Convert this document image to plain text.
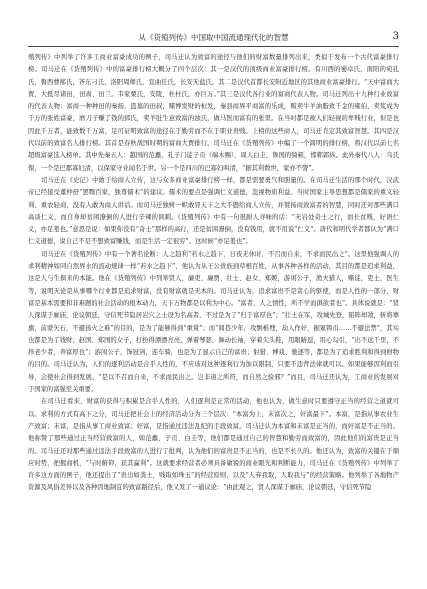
从《货殖列传》中国取中国流通现代化的智慧	3

殖列传》中列举了许多工商业富豪成功的例子，司马迁认为致富的途径与他们的财富数量排列出来，类似于发布一个古代富豪排行榜。司马迁在《货殖列传》中的富豪排行榜大概分了四个层次：其一是汉代的顶级商业富豪排行榜。有川西的蜀卓氏，南阳的宛孔氏，鲁西曹邴氏，齐东刁氏，洛阳周师氏，宣曲任氏，长安无盐氏。其二是汉代首都长安附近地区的其他商业富豪排行。“天中富商大贾，大抵尽诸田，田啬、田兰。韦家栗氏，安陵、杜杜氏，亦巨万。”其三是汉代各行业的富商代表人物。司马迁列出十九种行业致富的代表人物：富商一种种田的秦扬，盗墓的田叔，赌博发财的桓发，秦县商界平商富的乐成，贩卖牛羊油脂致千金的雍伯，卖浆成为千万的张姓富豪，磨刀子赚了钱的郅氏，卖羊肚生意致富的浊氏，做马医而富有的张里。在当时都是被人们轻视的卑贱行业，但是也因此千万者，能致数千万富，足可证明致富的途径在于勤劳而不在于职业贵贱。上榜的这些商人，司马迁肯定其致富智慧。其四是汉代以前的致富名人排行榜。其首是春秋战国时期的富商大贾排行。司马迁在《货殖列传》中编了一个简明的排行榜，将汉代以前七名超级富豪选入榜单。其中先秦五人：越国的范蠡，孔子门徒子贡（端木赐），周人白圭，鲁国的猗顿，邯郸郭纵。此外秦代八人：乌氏倮，一个是巴郡寡妇清，以保家守业闻名于世。另一个是四川的巴寡妇叫清，“据其利数世，家亦不訾”。

司马迁在《史记》中敢于给商人立传，这与众多商业富豪排行榜一样，都是需要勇气和胆量的。在司马迁生活的那个时代，汉武帝已经接受董仲舒“罢黜百家，独尊儒术”的建议。儒术的要点是强调仁义道德，忽视物质利益。当时国家主导思想都是儒家的重义轻利、重农轻商，没有人敢为商人讲话。而司马迁独树一帜敢冒天下之大不韪给商人立传，并赞扬商致富者的智慧，同时还对那些满口高谈仁义，而自身却贫困潦倒的人进行辛辣的讽刺。《货殖列传》中有一句很耐人寻味的话：“无岩处奇士之行，而长贫贱，好语仁义，亦足羞也。”意思是说：如果你没有“奇士”那样的高行，还是贫困潦倒，没有钱用，就不用说“仁义”。唐代和明代学者都认为“满口仁义道德，说自己不是不想致富赚钱，而是生活一定很穷”。这时候“亦足羞也”。

司马迁在《货殖列传》中有一个著名论断：人之趋利“若水之趋下，日夜无休时，不召而自来，不求而民出之”。这里他强调人的求利精神如同自然界水的流动规律一样“若水之趋下”，他认为从王公贵族到草根百姓，从事各种各样的活动，其目的都是追求利益，这是人与生俱来的本能。他在《货殖列传》中列举贤人、廉吏、廉贾、壮士、赵女、郑姬，游闲公子，渔夫猎人，赌徒，吏士，医生等，说明无论是从事哪个行业都是追求财富，没有财富就是无本的。司马迁认为，追求富贵不是贪心的驱使，而是人性的一部分，财富是基本需要和非难题的社会活动的根本动力，天下万物都是以利为中心。“富者，人之情性，所不学而俱欲者也”。具体说就是：“贤人深谋于廊庙，论议朝廷，守信死节隐居岩穴之士设为名高者，不过是为了“归于富厚也”；“壮士在军，攻城先登，陷阵却敌，斩将搴旗，前蒙矢石，不避汤火之难”的目的，是为了能够得到“重赏”；而“闾巷少年，攻剽椎埋，劫人作奸，掘冢铸币……不避法禁”，其实也都是为了钱财；赵国、郑国的女子，打扮得漂漂亮亮，弹着琴瑟，舞动长袖，穿着尖头鞋，用眼睛逗，用心勾引，“出不远千里，不择老少者，奔富厚也”；游闲公子，饰冠剑，连车骑，也是为了显示自己的富贵；射猎、博戏、驰逐等，都是为了追求胜利和得到财物的目的。司马迁认为，人们的逐利活动是合乎人性的，不应该对这种逐利行为加以限制，只要不违背法律就可以。如果能够因利而引导，会使社会得到发展。“是以不召而自来，不求而民出之。岂非道之所符，而自然之验邪？”而且，司马迁还认为，工商业的发展对于国家的富强至关重要。

在司马迁看来，财富的获得与积累是合乎人性的，人们逐利是正常的活动，他也认为，做生意时只要遵守正当的经营之道就可以。求利的方式有高下之分，司马迁把社会上的经济活动分为三个层次：“本富为上，末富次之，奸富最下”。本富，是指从事农业生产致富；末富，是指从事工商业致富；奸富，是指通过违法乱纪的手段致富。司马迁认为本富和末富是正当的，而奸富是不正当的。他称赞了那些通过正当经营致富的人，如范蠡、子贡、白圭等，他们都是通过自己的智慧和勤劳而致富的，因此他们的富贵是正当的。司马迁还对那些通过违法手段致富的人进行了批判，认为他们的富贵是不正当的，也是不长久的。他还认为，致富的关键在于顺应时势，把握商机，“与时俯仰，获其赢利”。这就要求经营者必须具备敏锐的商业眼光和判断能力，司马迁在《货殖列传》中列举了许多这方面的例子，他还提出了“贵出如粪土，贱取如珠玉”的经营原则，以及“人弃我取，人取我与”的经营策略。他列举了各地物产资源及风俗差异以及各种因地制宜的致富路径后，他又发了一通议论：“由此观之，贤人深谋于廊庙，论议朝廷，守信死节隐
